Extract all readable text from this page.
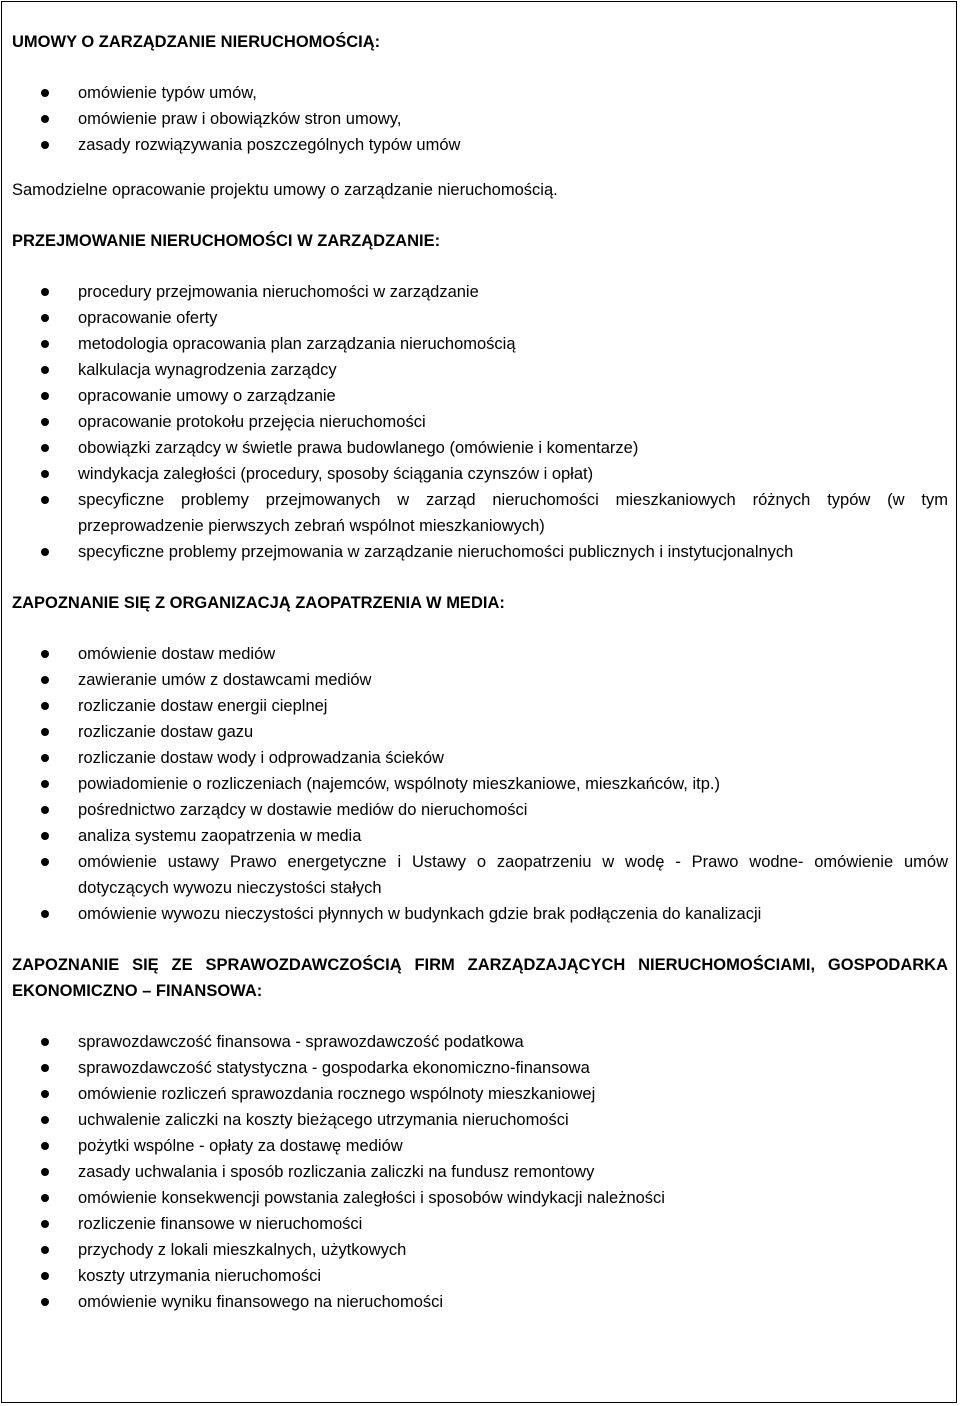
UMOWY O ZARZĄDZANIE NIERUCHOMOŚCIĄ:

omówienie typów umów,
omówienie praw i obowiązków stron umowy,
zasady rozwiązywania poszczególnych typów umów

Samodzielne opracowanie projektu umowy o zarządzanie nieruchomością.

PRZEJMOWANIE NIERUCHOMOŚCI W ZARZĄDZANIE:

procedury przejmowania nieruchomości w zarządzanie
opracowanie oferty
metodologia opracowania plan zarządzania nieruchomością
kalkulacja wynagrodzenia zarządcy
opracowanie umowy o zarządzanie
opracowanie protokołu przejęcia nieruchomości
obowiązki zarządcy w świetle prawa budowlanego (omówienie i komentarze)
windykacja zaległości (procedury, sposoby ściągania czynszów i opłat)
specyficzne problemy przejmowanych w zarząd nieruchomości mieszkaniowych różnych typów (w tym przeprowadzenie pierwszych zebrań wspólnot mieszkaniowych)
specyficzne problemy przejmowania w zarządzanie nieruchomości publicznych i instytucjonalnych

ZAPOZNANIE SIĘ Z ORGANIZACJĄ ZAOPATRZENIA W MEDIA:

omówienie dostaw mediów
zawieranie umów z dostawcami mediów
rozliczanie dostaw energii cieplnej
rozliczanie dostaw gazu
rozliczanie dostaw wody i odprowadzania ścieków
powiadomienie o rozliczeniach (najemców, wspólnoty mieszkaniowe, mieszkańców, itp.)
pośrednictwo zarządcy w dostawie mediów do nieruchomości
analiza systemu zaopatrzenia w media
omówienie ustawy Prawo energetyczne i Ustawy o zaopatrzeniu w wodę - Prawo wodne- omówienie umów dotyczących wywozu nieczystości stałych
omówienie wywozu nieczystości płynnych w budynkach gdzie brak podłączenia do kanalizacji

ZAPOZNANIE SIĘ ZE SPRAWOZDAWCZOŚCIĄ FIRM ZARZĄDZAJĄCYCH NIERUCHOMOŚCIAMI, GOSPODARKA EKONOMICZNO – FINANSOWA:

sprawozdawczość finansowa - sprawozdawczość podatkowa
sprawozdawczość statystyczna - gospodarka ekonomiczno-finansowa
omówienie rozliczeń sprawozdania rocznego wspólnoty mieszkaniowej
uchwalenie zaliczki na koszty bieżącego utrzymania nieruchomości
pożytki wspólne - opłaty za dostawę mediów
zasady uchwalania i sposób rozliczania zaliczki na fundusz remontowy
omówienie konsekwencji powstania zaległości i sposobów windykacji należności
rozliczenie finansowe w nieruchomości
przychody z lokali mieszkalnych, użytkowych
koszty utrzymania nieruchomości
omówienie wyniku finansowego na nieruchomości
